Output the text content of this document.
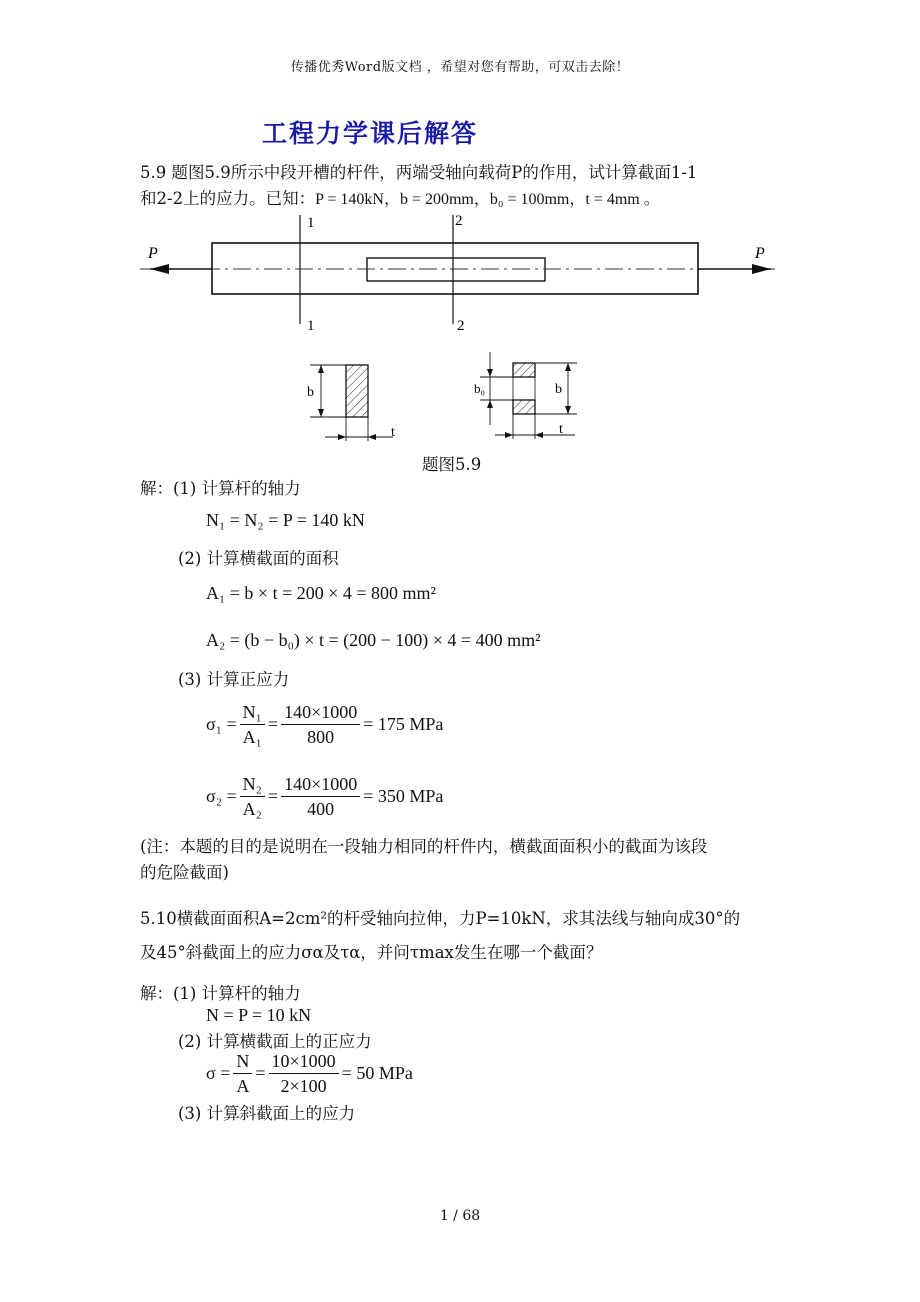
传播优秀Word版文档 ，希望对您有帮助，可双击去除！
工程力学课后解答
5.9 题图5.9所示中段开槽的杆件，两端受轴向载荷P的作用，试计算截面1-1
和2-2上的应力。已知：P = 140kN，b = 200mm，b₀ = 100mm，t = 4mm 。
P	P
1
1
2
2
b
t
b₀	b
t
题图5.9
解：(1) 计算杆的轴力
N₁ = N₂ = P = 140 kN
(2) 计算横截面的面积
A₁ = b × t = 200 × 4 = 800 mm²
A₂ = (b − b₀) × t = (200 − 100) × 4 = 400 mm²
(3) 计算正应力
$\sigma_1 = \frac{\text{N₁}}{\text{A₁}} = \frac{140\times 1000}{800} = 175$ MPa
$\sigma_2 = \frac{\text{N₂}}{\text{A₂}} = \frac{140\times 1000}{400} = 350$ MPa
(注：本题的目的是说明在一段轴力相同的杆件内，横截面面积小的截面为该段
的危险截面)
5.10横截面面积A=2cm²的杆受轴向拉伸，力P=10kN，求其法线与轴向成30°的
及45°斜截面上的应力σα及τα，并问τmax发生在哪一个截面？
解：(1) 计算杆的轴力
N = P = 10 kN
(2) 计算横截面上的正应力
$\sigma = \frac{N}{A} = \frac{10\times 1000}{2\times 100} = 50$ MPa
(3) 计算斜截面上的应力
1 / 68
